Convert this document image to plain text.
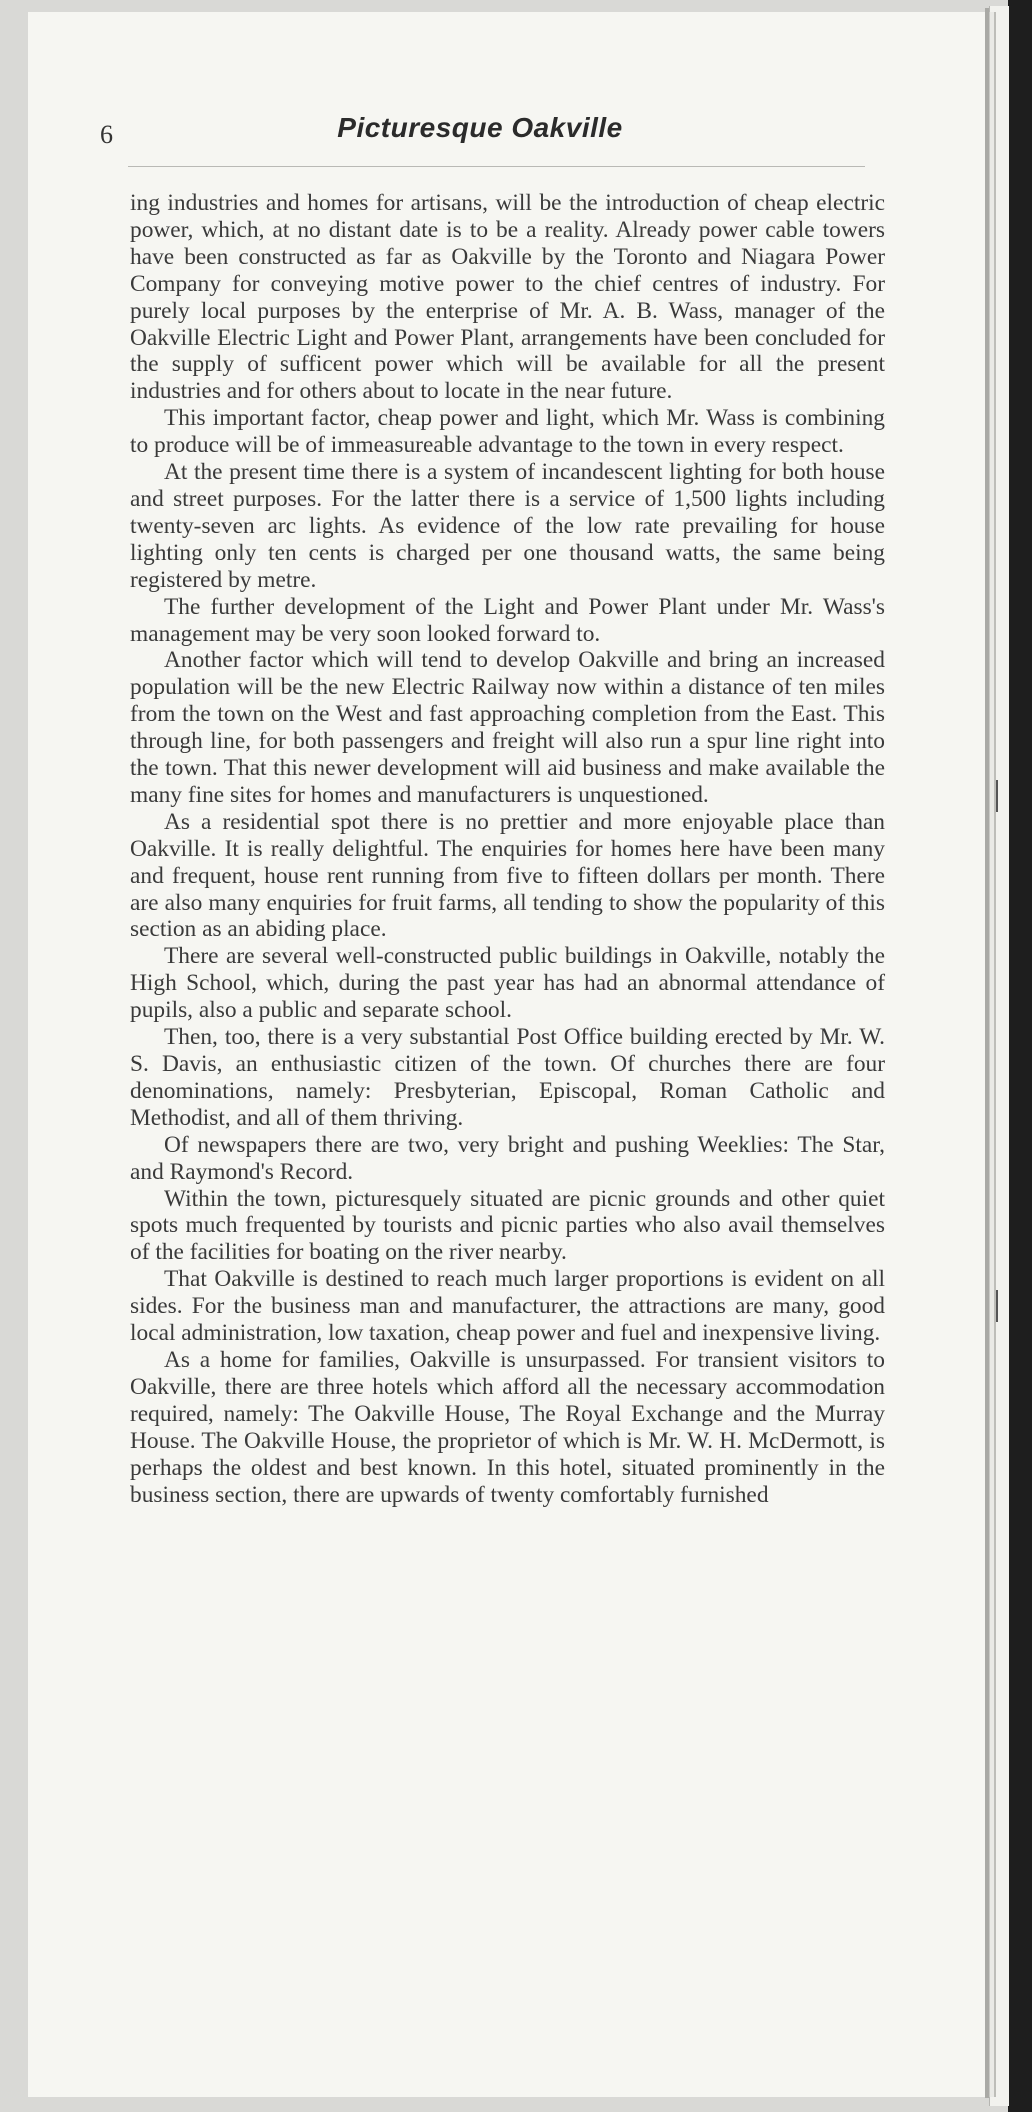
6	Picturesque Oakville

ing industries and homes for artisans, will be the introduction of cheap electric power, which, at no distant date is to be a reality. Already power cable towers have been constructed as far as Oakville by the Toronto and Niagara Power Company for conveying motive power to the chief centres of industry. For purely local purposes by the enterprise of Mr. A. B. Wass, manager of the Oakville Electric Light and Power Plant, arrangements have been concluded for the supply of sufficent power which will be available for all the present industries and for others about to locate in the near future.

This important factor, cheap power and light, which Mr. Wass is combining to produce will be of immeasureable advantage to the town in every respect.

At the present time there is a system of incandescent lighting for both house and street purposes. For the latter there is a service of 1,500 lights including twenty-seven arc lights. As evidence of the low rate prevailing for house lighting only ten cents is charged per one thousand watts, the same being registered by metre.

The further development of the Light and Power Plant under Mr. Wass's management may be very soon looked forward to.

Another factor which will tend to develop Oakville and bring an increased population will be the new Electric Railway now within a distance of ten miles from the town on the West and fast approaching completion from the East. This through line, for both passengers and freight will also run a spur line right into the town. That this newer development will aid business and make available the many fine sites for homes and manufacturers is unquestioned.

As a residential spot there is no prettier and more enjoyable place than Oakville. It is really delightful. The enquiries for homes here have been many and frequent, house rent running from five to fifteen dollars per month. There are also many enquiries for fruit farms, all tending to show the popularity of this section as an abiding place.

There are several well-constructed public buildings in Oakville, notably the High School, which, during the past year has had an abnormal attendance of pupils, also a public and separate school.

Then, too, there is a very substantial Post Office building erected by Mr. W. S. Davis, an enthusiastic citizen of the town. Of churches there are four denominations, namely: Presbyterian, Episcopal, Roman Catholic and Methodist, and all of them thriving.

Of newspapers there are two, very bright and pushing Weeklies: The Star, and Raymond's Record.

Within the town, picturesquely situated are picnic grounds and other quiet spots much frequented by tourists and picnic parties who also avail themselves of the facilities for boating on the river nearby.

That Oakville is destined to reach much larger proportions is evident on all sides. For the business man and manufacturer, the attractions are many, good local administration, low taxation, cheap power and fuel and inexpensive living.

As a home for families, Oakville is unsurpassed. For transient visitors to Oakville, there are three hotels which afford all the necessary accommodation required, namely: The Oakville House, The Royal Exchange and the Murray House. The Oakville House, the proprietor of which is Mr. W. H. McDermott, is perhaps the oldest and best known. In this hotel, situated prominently in the business section, there are upwards of twenty comfortably furnished
